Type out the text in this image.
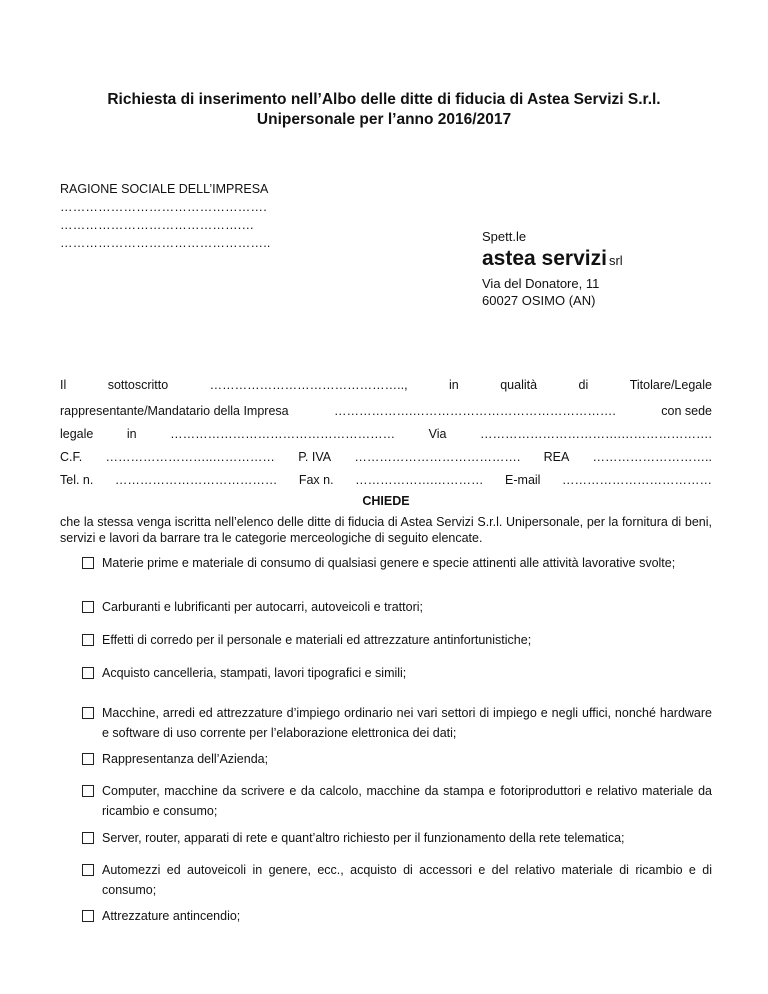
Richiesta di inserimento nell’Albo delle ditte di fiducia di Astea Servizi S.r.l.
Unipersonale per l’anno 2016/2017
RAGIONE SOCIALE DELL’IMPRESA
………………………………………….
…………………………………….…
…………………………………………..	Spett.le
astea servizi srl
Via del Donatore, 11
60027 OSIMO (AN)
Il	sottoscritto	………………………………………..,	in	qualità	di	Titolare/Legale
rappresentante/Mandatario della Impresa	……………….………………………………………….	con sede
legale	in	………………………………………………	Via	…………………………….………………….
C.F. ……………………..…………… P. IVA …………………………………. REA ………………………..
Tel. n. ………………………………… Fax n. ……………….………… E-mail ………………………………
CHIEDE
che la stessa venga iscritta nell’elenco delle ditte di fiducia di Astea Servizi S.r.l. Unipersonale, per la fornitura di beni, servizi e lavori da barrare tra le categorie merceologiche di seguito elencate.
Materie prime e materiale di consumo di qualsiasi genere e specie attinenti alle attività lavorative svolte;
Carburanti e lubrificanti per autocarri, autoveicoli e trattori;
Effetti di corredo per il personale e materiali ed attrezzature antinfortunistiche;
Acquisto cancelleria, stampati, lavori tipografici e simili;
Macchine, arredi ed attrezzature d’impiego ordinario nei vari settori di impiego e negli uffici, nonché hardware e software di uso corrente per l’elaborazione elettronica dei dati;
Rappresentanza dell’Azienda;
Computer, macchine da scrivere e da calcolo, macchine da stampa e fotoriproduttori e relativo materiale da ricambio e consumo;
Server, router, apparati di rete e quant’altro richiesto per il funzionamento della rete telematica;
Automezzi ed autoveicoli in genere, ecc., acquisto di accessori e del relativo materiale di ricambio e di consumo;
Attrezzature antincendio;
